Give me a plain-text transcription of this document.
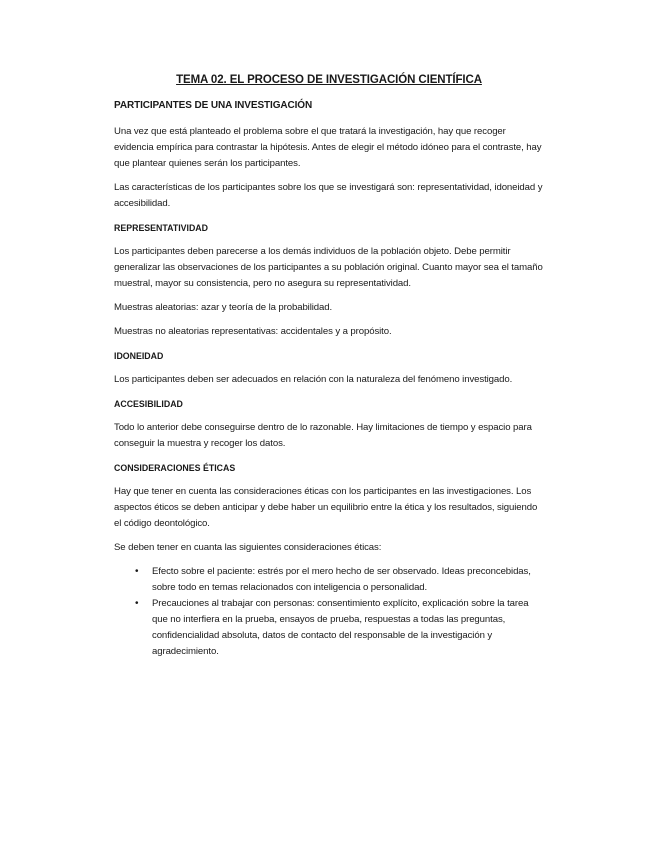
TEMA 02. EL PROCESO DE INVESTIGACIÓN CIENTÍFICA
PARTICIPANTES DE UNA INVESTIGACIÓN

Una vez que está planteado el problema sobre el que tratará la investigación, hay que recoger evidencia empírica para contrastar la hipótesis. Antes de elegir el método idóneo para el contraste, hay que plantear quienes serán los participantes.

Las características de los participantes sobre los que se investigará son: representatividad, idoneidad y accesibilidad.

REPRESENTATIVIDAD

Los participantes deben parecerse a los demás individuos de la población objeto. Debe permitir generalizar las observaciones de los participantes a su población original. Cuanto mayor sea el tamaño muestral, mayor su consistencia, pero no asegura su representatividad.

Muestras aleatorias: azar y teoría de la probabilidad.

Muestras no aleatorias representativas: accidentales y a propósito.

IDONEIDAD

Los participantes deben ser adecuados en relación con la naturaleza del fenómeno investigado.

ACCESIBILIDAD

Todo lo anterior debe conseguirse dentro de lo razonable. Hay limitaciones de tiempo y espacio para conseguir la muestra y recoger los datos.

CONSIDERACIONES ÉTICAS

Hay que tener en cuenta las consideraciones éticas con los participantes en las investigaciones. Los aspectos éticos se deben anticipar y debe haber un equilibrio entre la ética y los resultados, siguiendo el código deontológico.

Se deben tener en cuanta las siguientes consideraciones éticas:

• Efecto sobre el paciente: estrés por el mero hecho de ser observado. Ideas preconcebidas, sobre todo en temas relacionados con inteligencia o personalidad.
• Precauciones al trabajar con personas: consentimiento explícito, explicación sobre la tarea que no interfiera en la prueba, ensayos de prueba, respuestas a todas las preguntas, confidencialidad absoluta, datos de contacto del responsable de la investigación y agradecimiento.
